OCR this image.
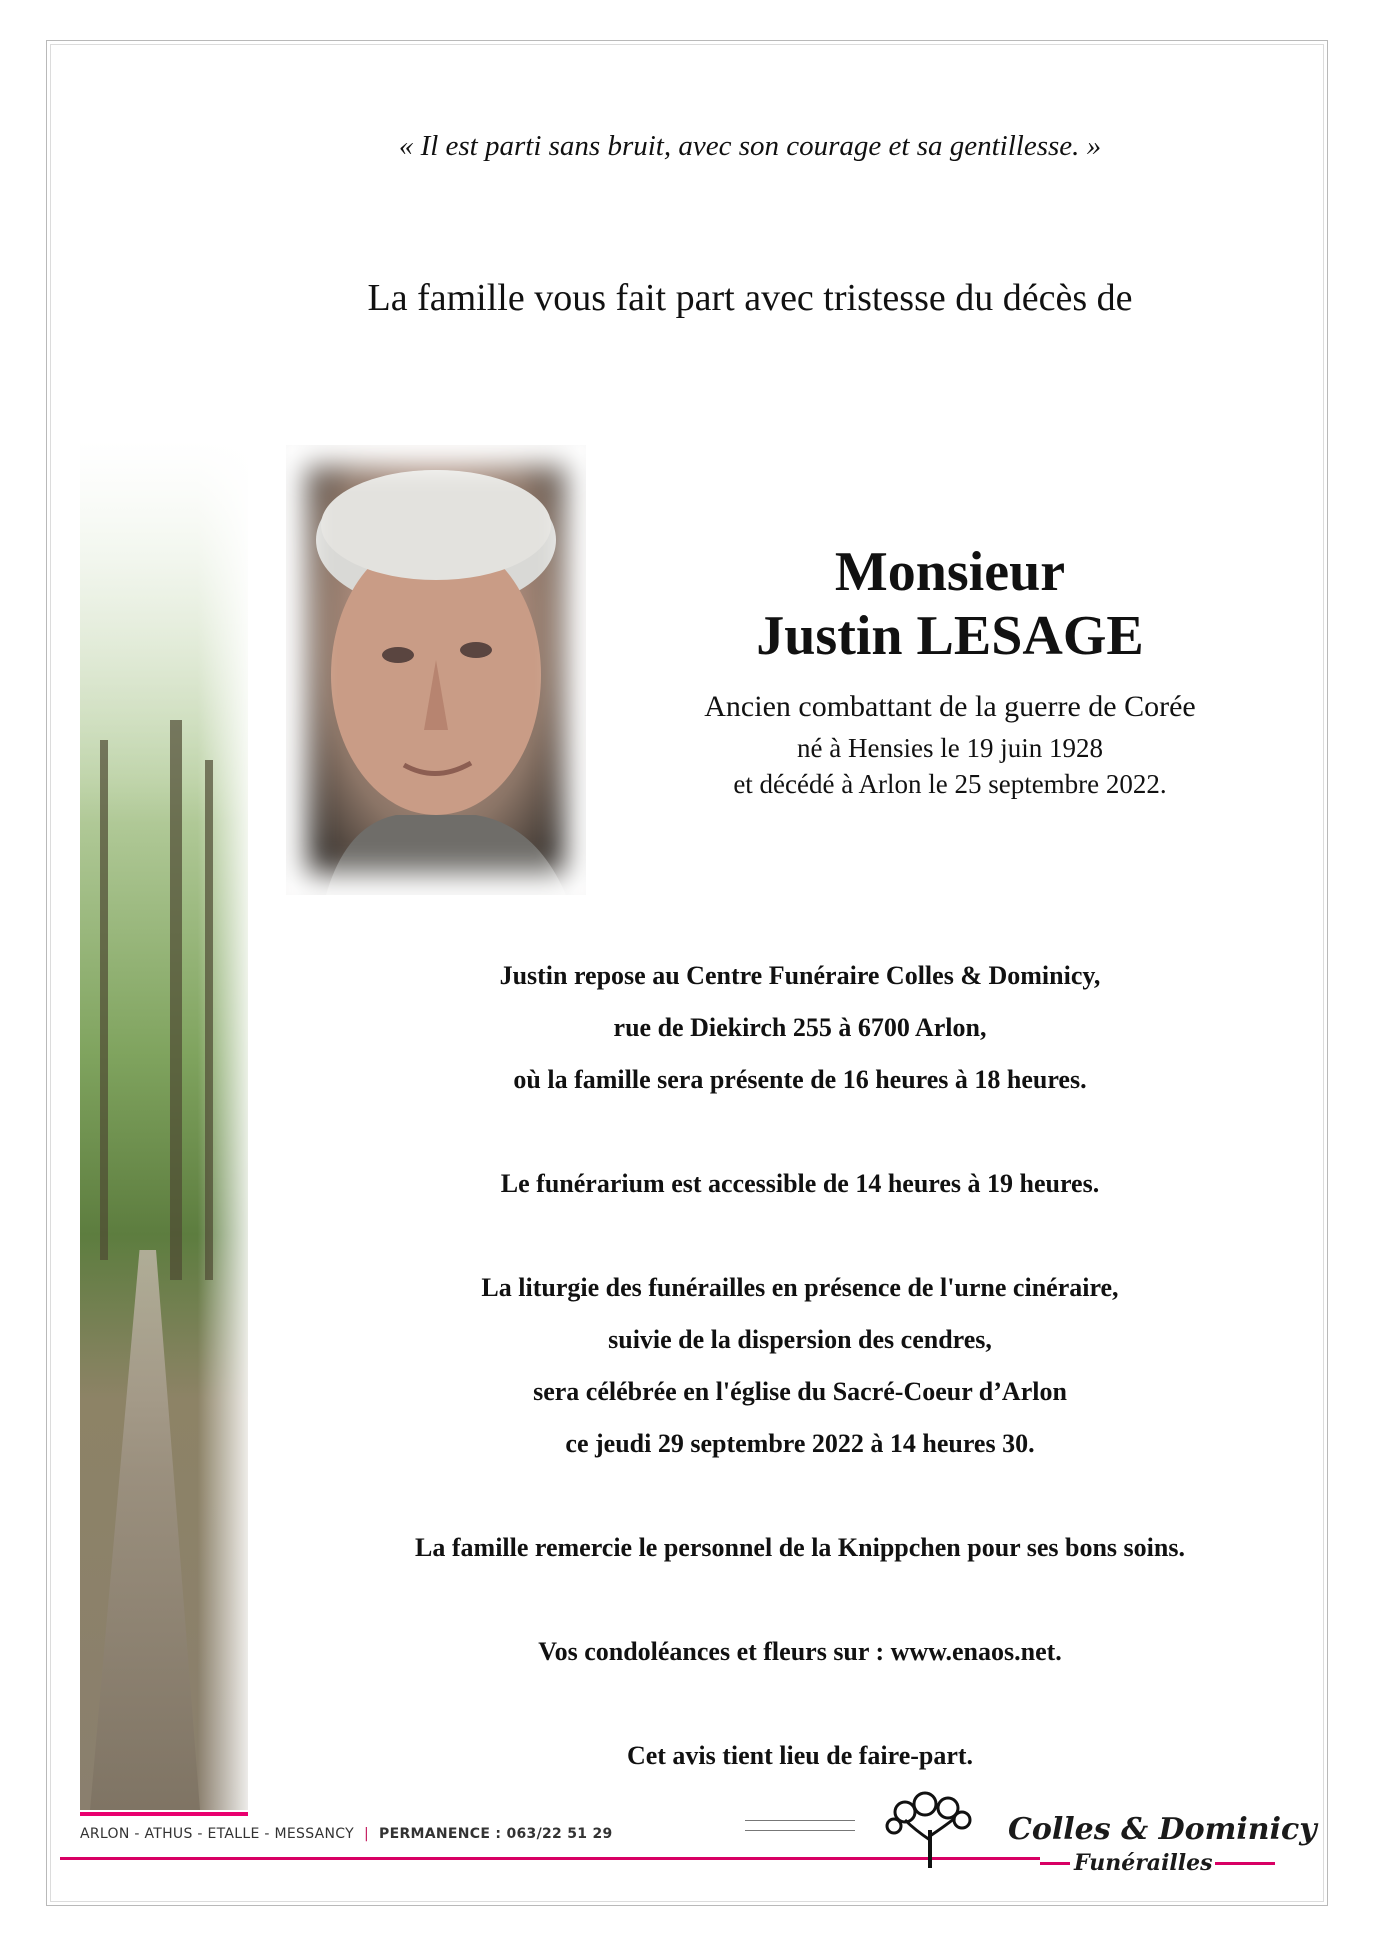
« Il est parti sans bruit, avec son courage et sa gentillesse. »
La famille vous fait part avec tristesse du décès de
Monsieur
Justin LESAGE
Ancien combattant de la guerre de Corée
né à Hensies le 19 juin 1928
et décédé à Arlon le 25 septembre 2022.
Justin repose au Centre Funéraire Colles & Dominicy,
rue de Diekirch 255 à 6700 Arlon,
où la famille sera présente de 16 heures à 18 heures.
Le funérarium est accessible de 14 heures à 19 heures.
La liturgie des funérailles en présence de l'urne cinéraire,
suivie de la dispersion des cendres,
sera célébrée en l'église du Sacré-Coeur d’Arlon
ce jeudi 29 septembre 2022 à 14 heures 30.
La famille remercie le personnel de la Knippchen pour ses bons soins.
Vos condoléances et fleurs sur : www.enaos.net.
Cet avis tient lieu de faire-part.
ARLON - ATHUS - ETALLE - MESSANCY | PERMANENCE : 063/22 51 29	Colles & Dominicy
Funérailles
